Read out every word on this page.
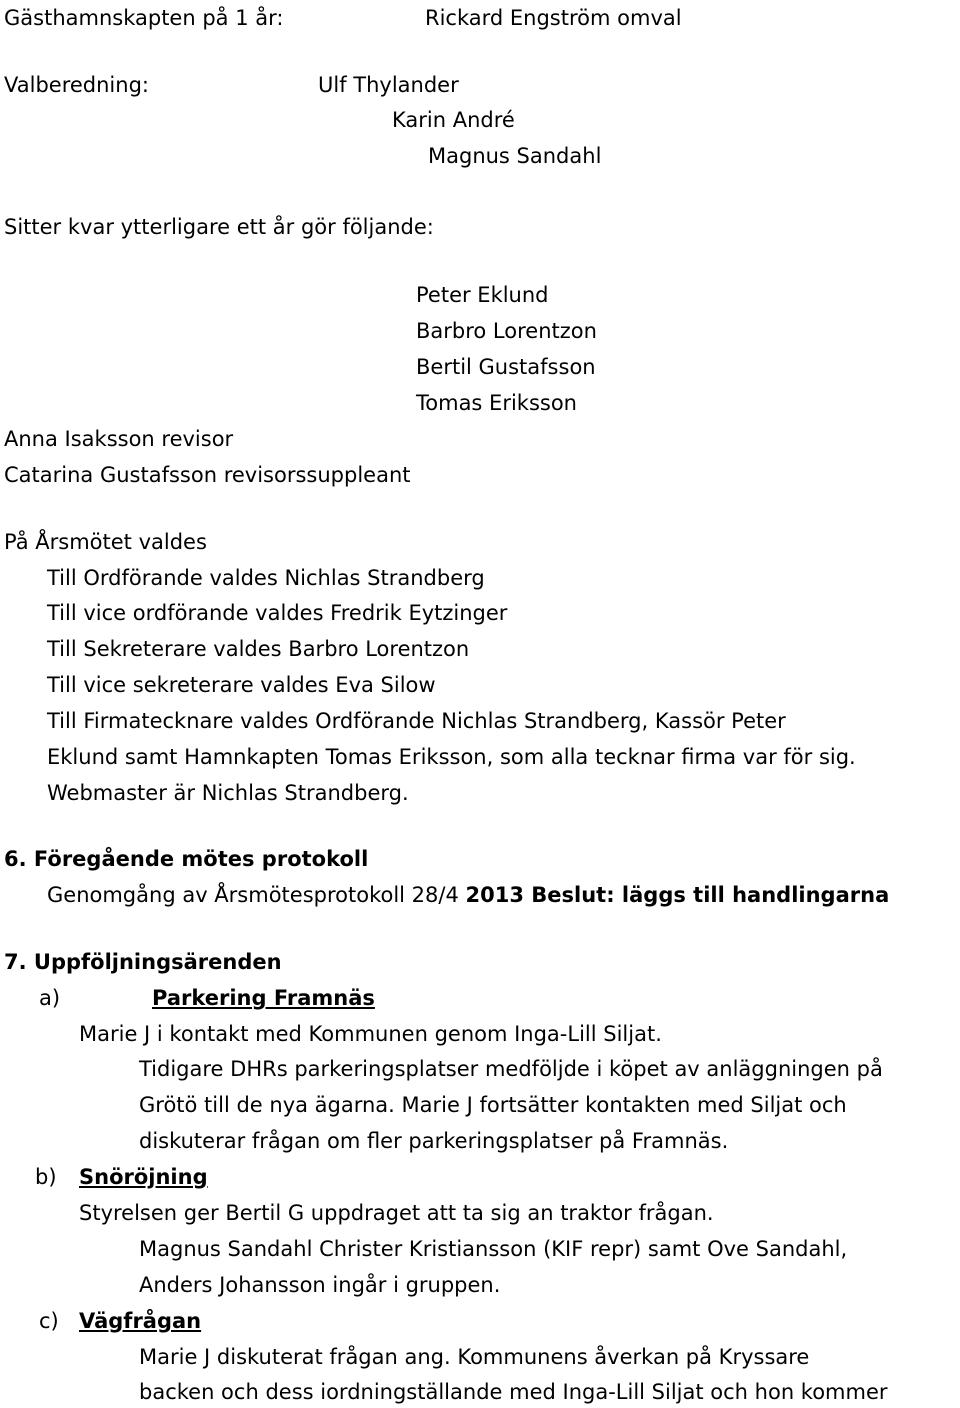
Gästhamnskapten på 1 år:	Rickard Engström omval
Valberedning:	Ulf Thylander
Karin André
Magnus Sandahl
Sitter kvar ytterligare ett år gör följande:
Peter Eklund
Barbro Lorentzon
Bertil Gustafsson
Tomas Eriksson
Anna Isaksson revisor
Catarina Gustafsson revisorssuppleant
På Årsmötet valdes
Till Ordförande valdes Nichlas Strandberg
Till vice ordförande valdes Fredrik Eytzinger
Till Sekreterare valdes Barbro Lorentzon
Till vice sekreterare valdes Eva Silow
Till Firmatecknare valdes Ordförande Nichlas Strandberg, Kassör Peter
Eklund samt Hamnkapten Tomas Eriksson, som alla tecknar firma var för sig.
Webmaster är Nichlas Strandberg.
6. Föregående mötes protokoll
Genomgång av Årsmötesprotokoll 28/4 2013 Beslut: läggs till handlingarna
7. Uppföljningsärenden
a)	Parkering Framnäs
Marie J i kontakt med Kommunen genom Inga-Lill Siljat.
Tidigare DHRs parkeringsplatser medföljde i köpet av anläggningen på
Grötö till de nya ägarna. Marie J fortsätter kontakten med Siljat och
diskuterar frågan om fler parkeringsplatser på Framnäs.
b) Snöröjning
Styrelsen ger Bertil G uppdraget att ta sig an traktor frågan.
Magnus Sandahl Christer Kristiansson (KIF repr) samt Ove Sandahl,
Anders Johansson ingår i gruppen.
c) Vägfrågan
Marie J diskuterat frågan ang. Kommunens åverkan på Kryssare
backen och dess iordningställande med Inga-Lill Siljat och hon kommer
